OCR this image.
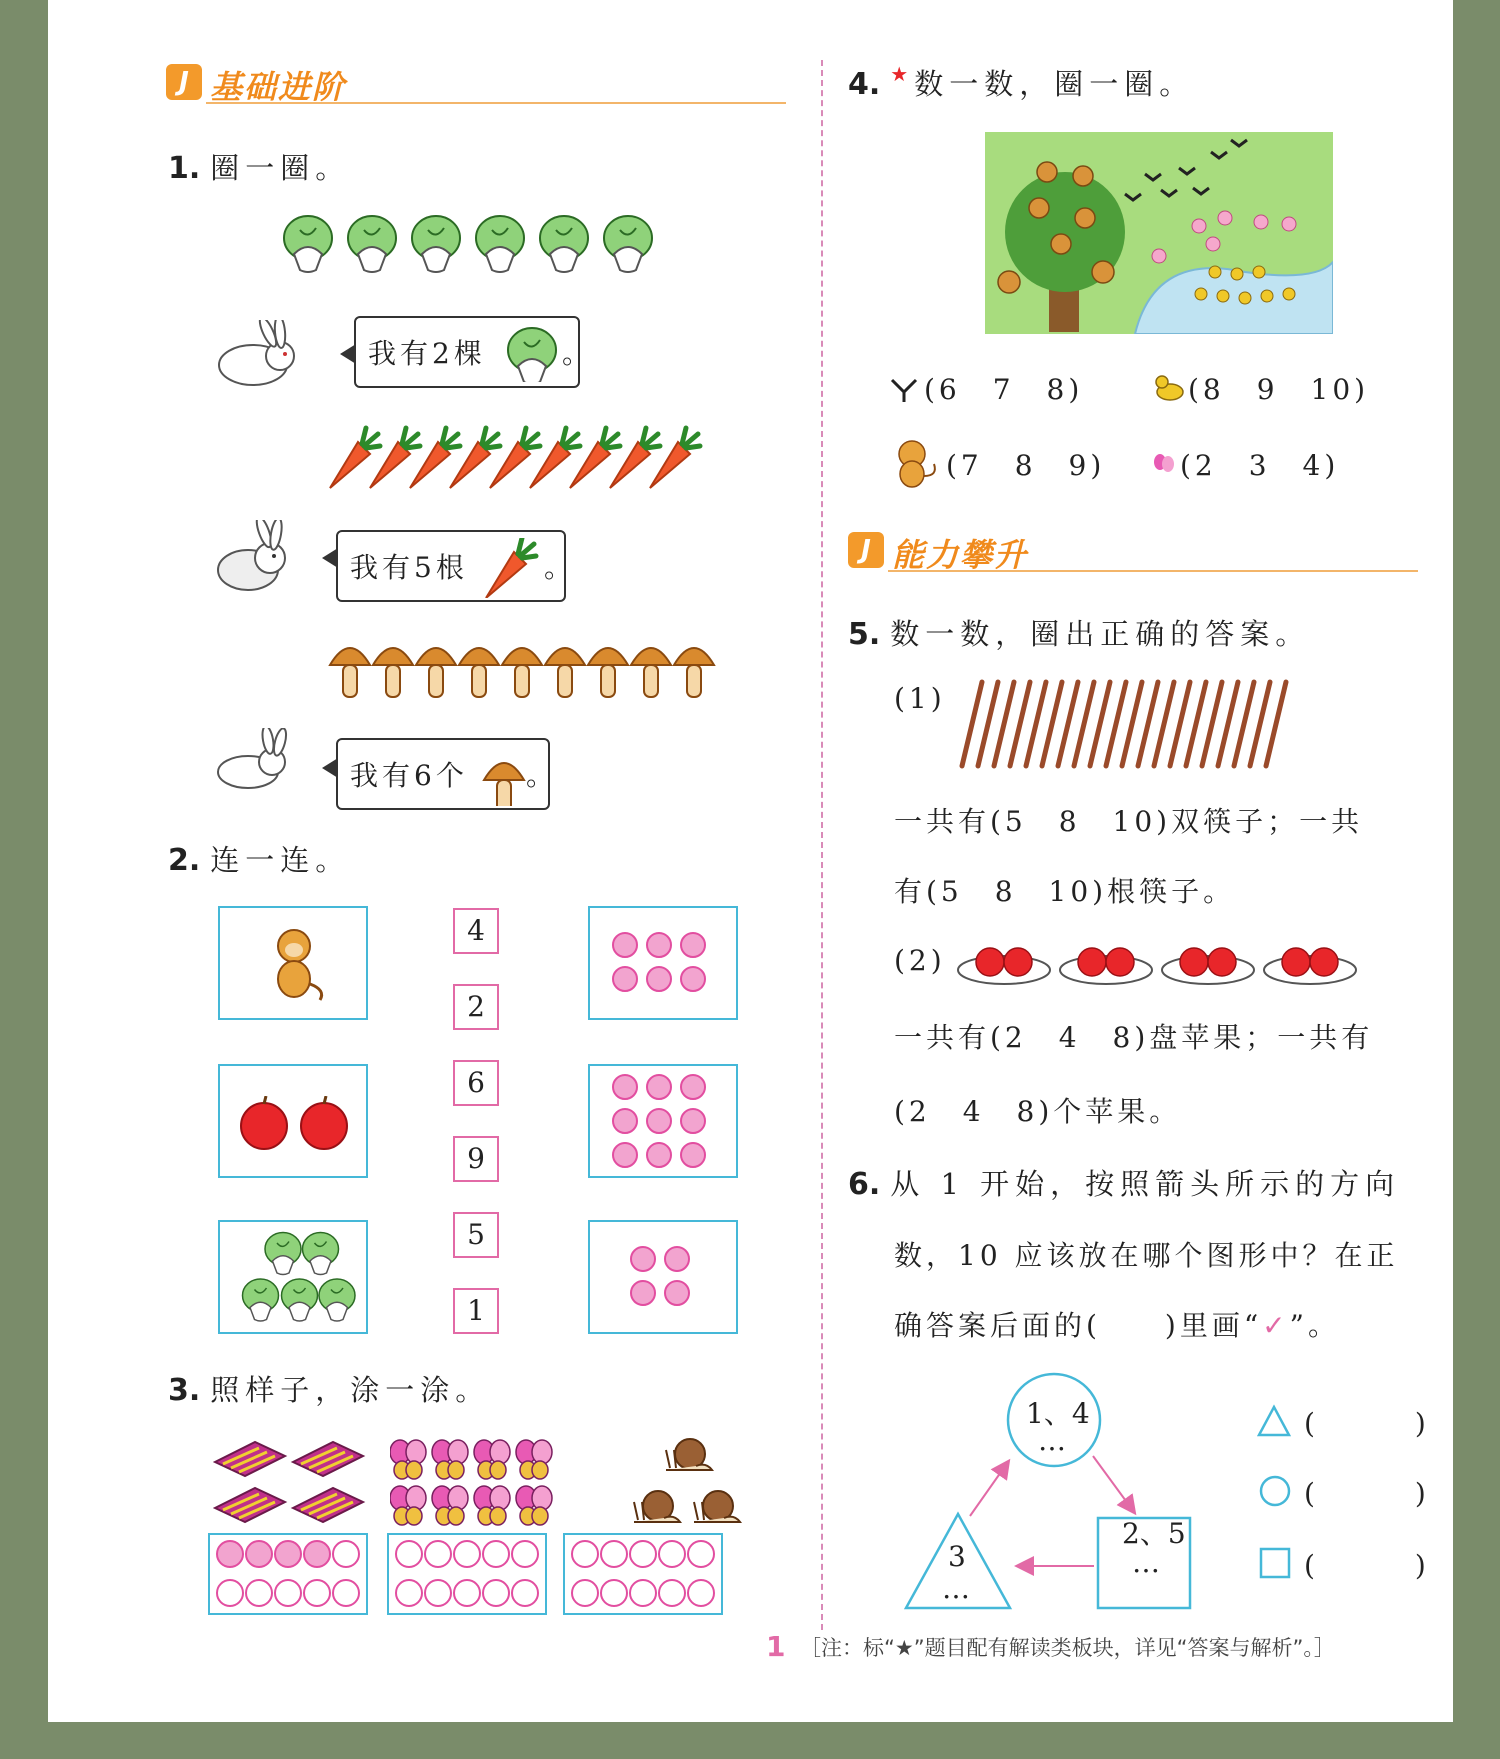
J 基础进阶
1. 圈一圈。
我有2棵	。
我有5根	。
我有6个 。
2. 连一连。
4
2
6
9
5
1
3. 照样子，涂一涂。
4. ★数一数，圈一圈。
(6　7　8)	(8　9　10)
(7　8　9)	(2　3　4)
J 能力攀升
5. 数一数，圈出正确的答案。
(1)
一共有(5　8　10)双筷子；一共
有(5　8　10)根筷子。
(2)
一共有(2　4　8)盘苹果；一共有
(2　4　8)个苹果。
6. 从 1 开始，按照箭头所示的方向
数，10 应该放在哪个图形中？在正
确答案后面的(　　)里画“✓”。
1、4
…
2、5
…
3
…
(　　　)
(　　　)
(　　　)
1 ［注：标“★”题目配有解读类板块，详见“答案与解析”。］
